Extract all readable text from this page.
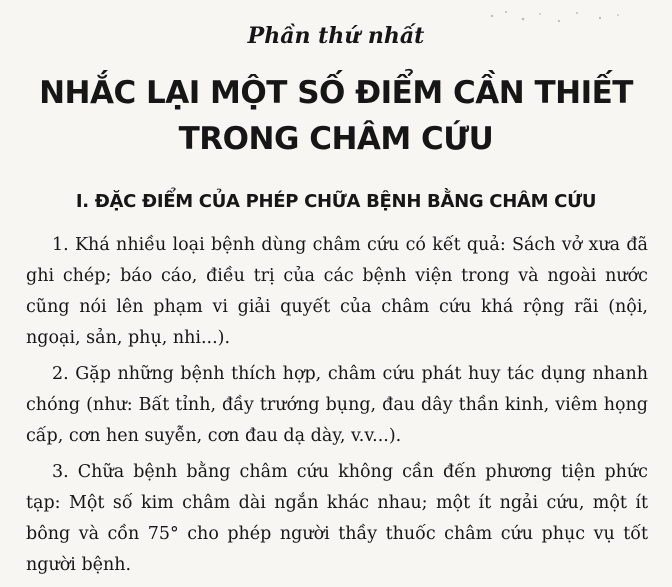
Phần thứ nhất
NHẮC LẠI MỘT SỐ ĐIỂM CẦN THIẾT
TRONG CHÂM CỨU
I. ĐẶC ĐIỂM CỦA PHÉP CHỮA BỆNH BẰNG CHÂM CỨU

1. Khá nhiều loại bệnh dùng châm cứu có kết quả: Sách vở xưa đã ghi chép; báo cáo, điều trị của các bệnh viện trong và ngoài nước cũng nói lên phạm vi giải quyết của châm cứu khá rộng rãi (nội, ngoại, sản, phụ, nhi...).

2. Gặp những bệnh thích hợp, châm cứu phát huy tác dụng nhanh chóng (như: Bất tỉnh, đầy trướng bụng, đau dây thần kinh, viêm họng cấp, cơn hen suyễn, cơn đau dạ dày, v.v...).

3. Chữa bệnh bằng châm cứu không cần đến phương tiện phức tạp: Một số kim châm dài ngắn khác nhau; một ít ngải cứu, một ít bông và cồn 75° cho phép người thầy thuốc châm cứu phục vụ tốt người bệnh.
